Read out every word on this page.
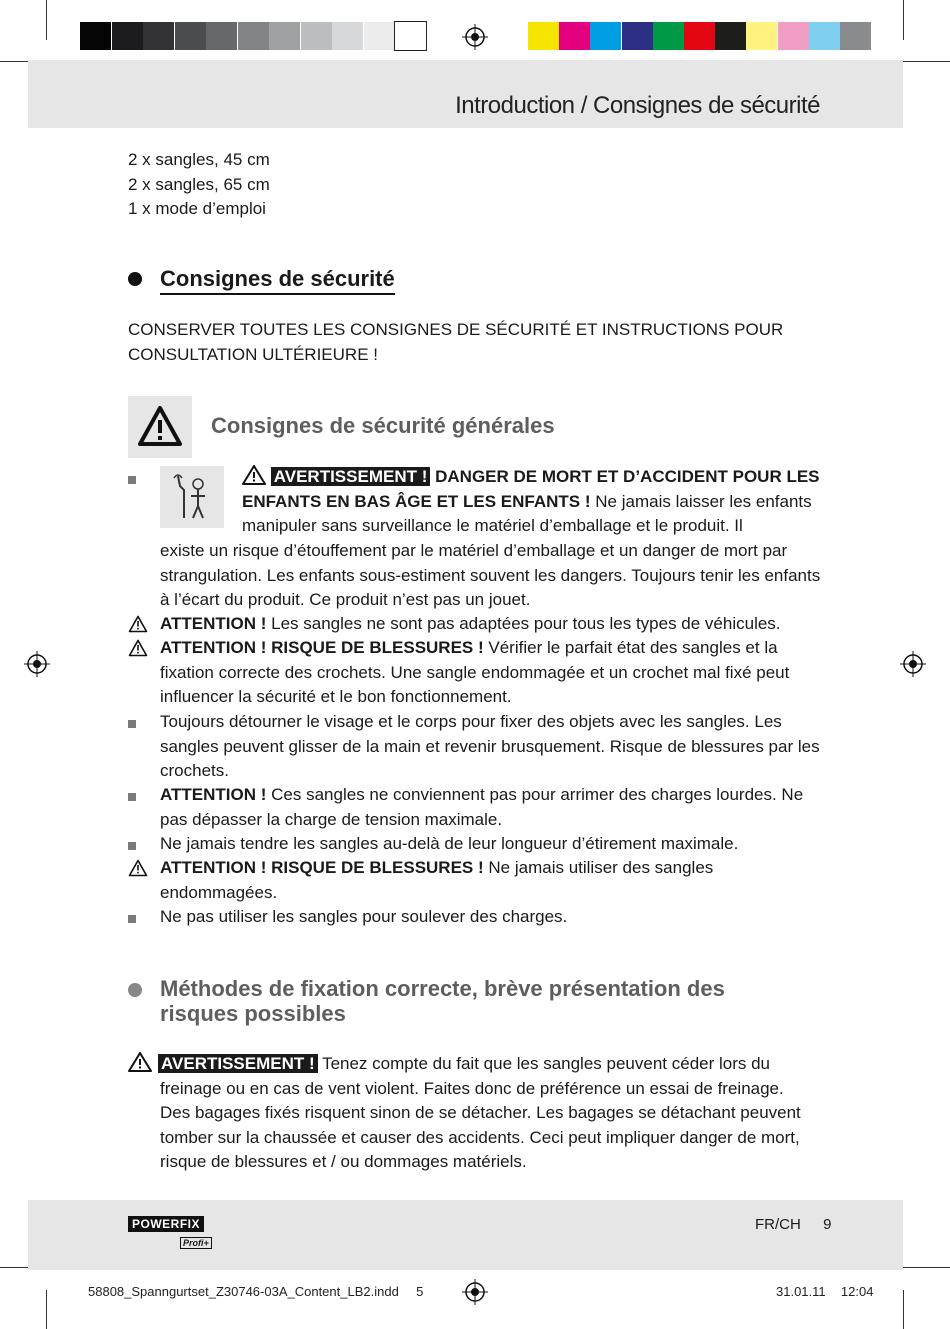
Introduction / Consignes de sécurité
2 x sangles, 45 cm
2 x sangles, 65 cm
1 x mode d’emploi
Consignes de sécurité
CONSERVER TOUTES LES CONSIGNES DE SÉCURITÉ ET INSTRUCTIONS POUR
CONSULTATION ULTÉRIEURE !
Consignes de sécurité générales
AVERTISSEMENT ! DANGER DE MORT ET D’ACCIDENT POUR LES ENFANTS EN BAS ÂGE ET LES ENFANTS ! Ne jamais laisser les enfants manipuler sans surveillance le matériel d’emballage et le produit. Il
existe un risque d’étouffement par le matériel d’emballage et un danger de mort par strangulation. Les enfants sous-estiment souvent les dangers. Toujours tenir les enfants à l’écart du produit. Ce produit n’est pas un jouet.
ATTENTION ! Les sangles ne sont pas adaptées pour tous les types de véhicules.
ATTENTION ! RISQUE DE BLESSURES ! Vérifier le parfait état des sangles et la fixation correcte des crochets. Une sangle endommagée et un crochet mal fixé peut influencer la sécurité et le bon fonctionnement.
Toujours détourner le visage et le corps pour fixer des objets avec les sangles. Les sangles peuvent glisser de la main et revenir brusquement. Risque de blessures par les crochets.
ATTENTION ! Ces sangles ne conviennent pas pour arrimer des charges lourdes. Ne pas dépasser la charge de tension maximale.
Ne jamais tendre les sangles au-delà de leur longueur d’étirement maximale.
ATTENTION ! RISQUE DE BLESSURES ! Ne jamais utiliser des sangles endommagées.
Ne pas utiliser les sangles pour soulever des charges.
Méthodes de fixation correcte, brève présentation des
risques possibles
AVERTISSEMENT ! Tenez compte du fait que les sangles peuvent céder lors du freinage ou en cas de vent violent. Faites donc de préférence un essai de freinage. Des bagages fixés risquent sinon de se détacher. Les bagages se détachant peuvent tomber sur la chaussée et causer des accidents. Ceci peut impliquer danger de mort, risque de blessures et / ou dommages matériels.
POWERFIX Profi+
FR/CH 9
58808_Spanngurtset_Z30746-03A_Content_LB2.indd 5	31.01.11 12:04
